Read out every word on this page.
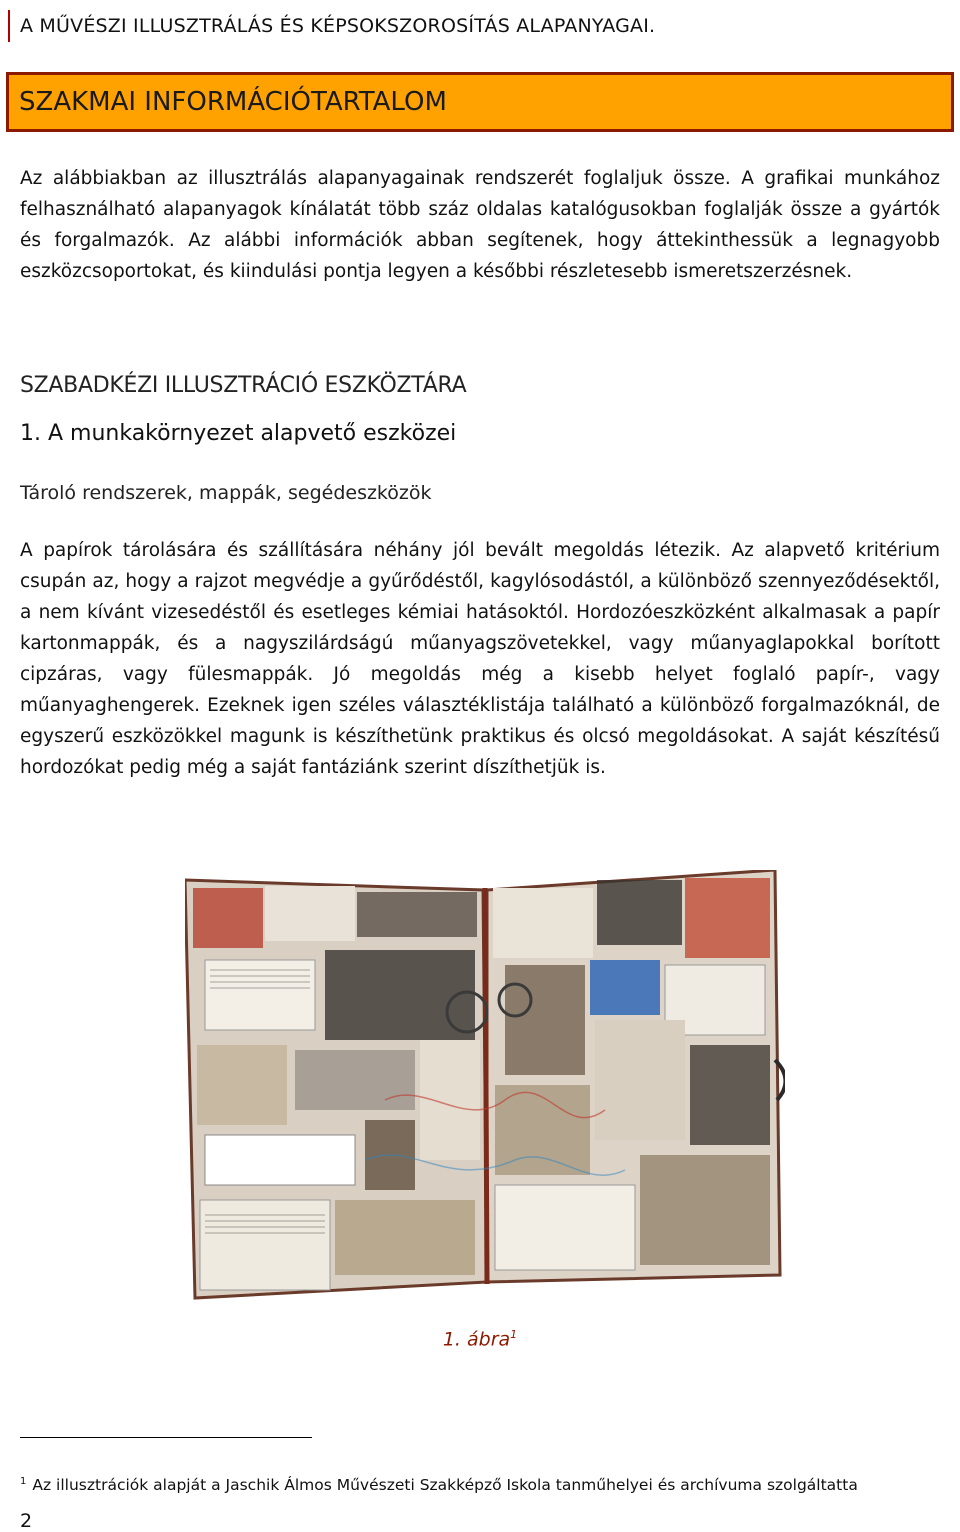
A MŰVÉSZI ILLUSZTRÁLÁS ÉS KÉPSOKSZOROSÍTÁS ALAPANYAGAI.
SZAKMAI INFORMÁCIÓTARTALOM

Az alábbiakban az illusztrálás alapanyagainak rendszerét foglaljuk össze. A grafikai munkához felhasználható alapanyagok kínálatát több száz oldalas katalógusokban foglalják össze a gyártók és forgalmazók. Az alábbi információk abban segítenek, hogy áttekinthessük a legnagyobb eszközcsoportokat, és kiindulási pontja legyen a későbbi részletesebb ismeretszerzésnek.

SZABADKÉZI ILLUSZTRÁCIÓ ESZKÖZTÁRA
1. A munkakörnyezet alapvető eszközei
Tároló rendszerek, mappák, segédeszközök

A papírok tárolására és szállítására néhány jól bevált megoldás létezik. Az alapvető kritérium csupán az, hogy a rajzot megvédje a gyűrődéstől, kagylósodástól, a különböző szennyeződésektől, a nem kívánt vizesedéstől és esetleges kémiai hatásoktól. Hordozóeszközként alkalmasak a papír kartonmappák, és a nagyszilárdságú műanyagszövetekkel, vagy műanyaglapokkal borított cipzáras, vagy fülesmappák. Jó megoldás még a kisebb helyet foglaló papír-, vagy műanyaghengerek. Ezeknek igen széles választéklistája található a különböző forgalmazóknál, de egyszerű eszközökkel magunk is készíthetünk praktikus és olcsó megoldásokat. A saját készítésű hordozókat pedig még a saját fantáziánk szerint díszíthetjük is.

1. ábra$^1$
$^1$ Az illusztrációk alapját a Jaschik Álmos Művészeti Szakképző Iskola tanműhelyei és archívuma szolgáltatta
2
